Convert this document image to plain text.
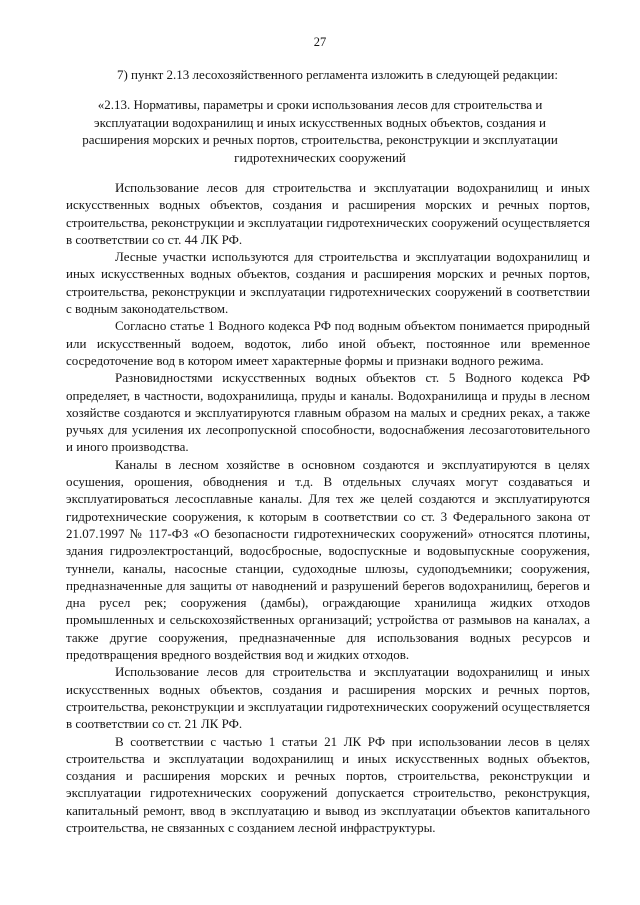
27
7) пункт 2.13 лесохозяйственного регламента изложить в следующей редакции:
«2.13. Нормативы, параметры и сроки использования лесов для строительства и эксплуатации водохранилищ и иных искусственных водных объектов, создания и расширения морских и речных портов, строительства, реконструкции и эксплуатации гидротехнических сооружений

Использование лесов для строительства и эксплуатации водохранилищ и иных искусственных водных объектов, создания и расширения морских и речных портов, строительства, реконструкции и эксплуатации гидротехнических сооружений осуществляется в соответствии со ст. 44 ЛК РФ.

Лесные участки используются для строительства и эксплуатации водохранилищ и иных искусственных водных объектов, создания и расширения морских и речных портов, строительства, реконструкции и эксплуатации гидротехнических сооружений в соответствии с водным законодательством.

Согласно статье 1 Водного кодекса РФ под водным объектом понимается природный или искусственный водоем, водоток, либо иной объект, постоянное или временное сосредоточение вод в котором имеет характерные формы и признаки водного режима.

Разновидностями искусственных водных объектов ст. 5 Водного кодекса РФ определяет, в частности, водохранилища, пруды и каналы. Водохранилища и пруды в лесном хозяйстве создаются и эксплуатируются главным образом на малых и средних реках, а также ручьях для усиления их лесопропускной способности, водоснабжения лесозаготовительного и иного производства.

Каналы в лесном хозяйстве в основном создаются и эксплуатируются в целях осушения, орошения, обводнения и т.д. В отдельных случаях могут создаваться и эксплуатироваться лесосплавные каналы. Для тех же целей создаются и эксплуатируются гидротехнические сооружения, к которым в соответствии со ст. 3 Федерального закона от 21.07.1997 № 117-ФЗ «О безопасности гидротехнических сооружений» относятся плотины, здания гидроэлектростанций, водосбросные, водоспускные и водовыпускные сооружения, туннели, каналы, насосные станции, судоходные шлюзы, судоподъемники; сооружения, предназначенные для защиты от наводнений и разрушений берегов водохранилищ, берегов и дна русел рек; сооружения (дамбы), ограждающие хранилища жидких отходов промышленных и сельскохозяйственных организаций; устройства от размывов на каналах, а также другие сооружения, предназначенные для использования водных ресурсов и предотвращения вредного воздействия вод и жидких отходов.

Использование лесов для строительства и эксплуатации водохранилищ и иных искусственных водных объектов, создания и расширения морских и речных портов, строительства, реконструкции и эксплуатации гидротехнических сооружений осуществляется в соответствии со ст. 21 ЛК РФ.

В соответствии с частью 1 статьи 21 ЛК РФ при использовании лесов в целях строительства и эксплуатации водохранилищ и иных искусственных водных объектов, создания и расширения морских и речных портов, строительства, реконструкции и эксплуатации гидротехнических сооружений допускается строительство, реконструкция, капитальный ремонт, ввод в эксплуатацию и вывод из эксплуатации объектов капитального строительства, не связанных с созданием лесной инфраструктуры.
